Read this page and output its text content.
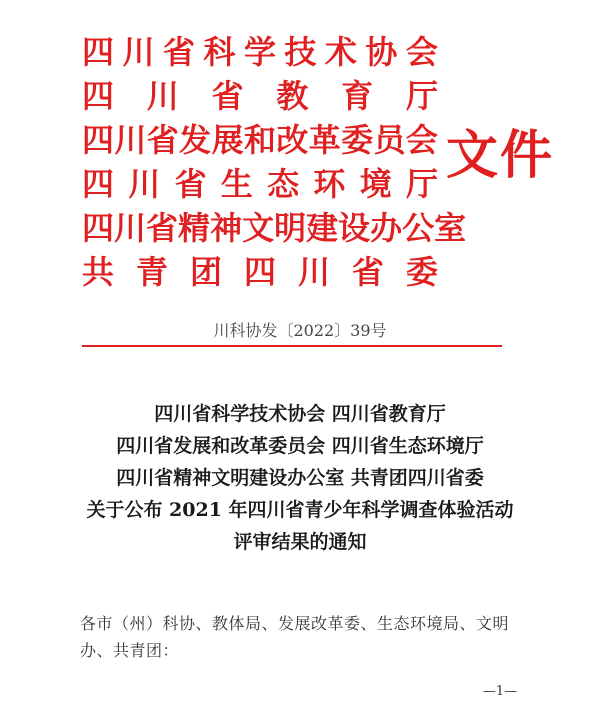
四 川 省 科 学 技 术 协 会
四 川 省 教 育 厅
四 川 省 发 展 和 改 革 委 员 会
四 川 省 生 态 环 境 厅
四 川 省 精 神 文 明 建 设 办 公 室
共 青 团 四 川 省 委
文件
川科协发〔2022〕39号
四川省科学技术协会 四川省教育厅
四川省发展和改革委员会 四川省生态环境厅
四川省精神文明建设办公室 共青团四川省委
关于公布 2021 年四川省青少年科学调查体验活动
评审结果的通知
各市（州）科协、教体局、发展改革委、生态环境局、文明办、共青团：
—1—
